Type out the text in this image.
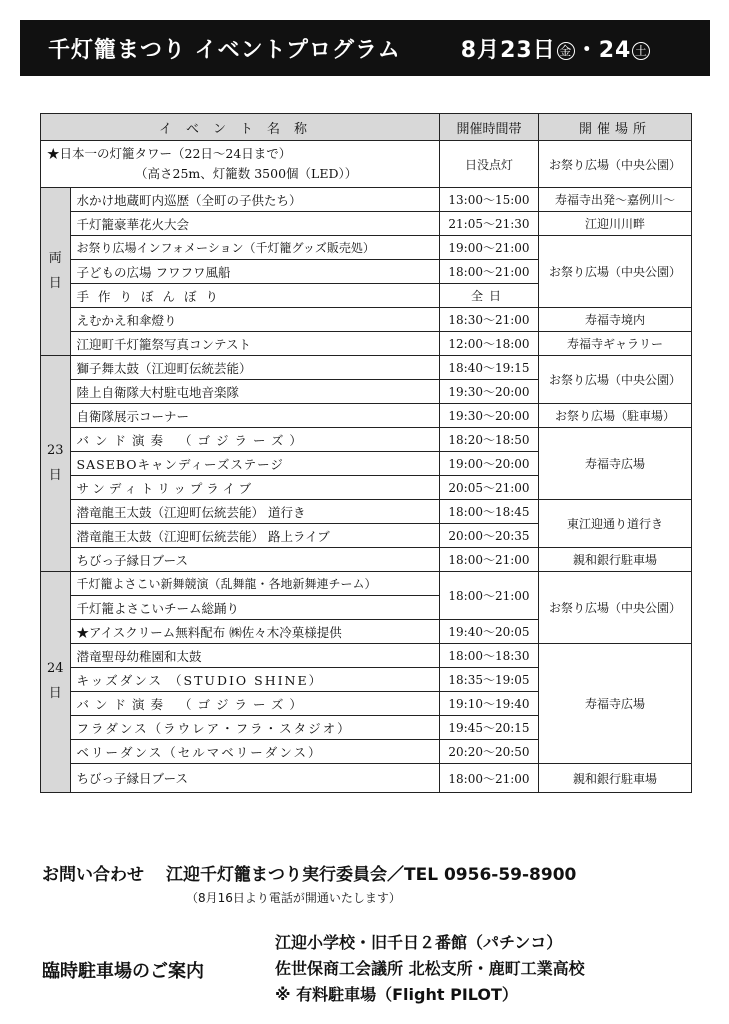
千灯籠まつり イベントプログラム	8月23日 金 ・24 土
イベント名称		開催時間帯	開催場所

★日本一の灯籠タワー（22日〜24日まで）
（高さ25m、灯籠数 3500個（LED））		日没点灯	お祭り広場（中央公園）
両日	水かけ地蔵町内巡歴（全町の子供たち）	13:00〜15:00	寿福寺出発〜嘉例川〜
	千灯籠豪華花火大会	21:05〜21:30	江迎川川畔
	お祭り広場インフォメーション（千灯籠グッズ販売処）	19:00〜21:00	お祭り広場（中央公園）
	子どもの広場 フワフワ風船	18:00〜21:00	
	手作りぼんぼり	全日	
	えむかえ和傘燈り	18:30〜21:00	寿福寺境内
	江迎町千灯籠祭写真コンテスト	12:00〜18:00	寿福寺ギャラリー
23日	獅子舞太鼓（江迎町伝統芸能）	18:40〜19:15	お祭り広場（中央公園）
	陸上自衛隊大村駐屯地音楽隊	19:30〜20:00	
	自衛隊展示コーナー	19:30〜20:00	お祭り広場（駐車場）
	バンド演奏 （ゴジラーズ）	18:20〜18:50	寿福寺広場
	SASEBOキャンディーズステージ	19:00〜20:00	
	サンディトリップライブ	20:05〜21:00	
	潜竜龍王太鼓（江迎町伝統芸能） 道行き	18:00〜18:45	東江迎通り道行き
	潜竜龍王太鼓（江迎町伝統芸能） 路上ライブ	20:00〜20:35	
	ちびっ子縁日ブース	18:00〜21:00	親和銀行駐車場
24日	千灯籠よさこい新舞競演（乱舞龍・各地新舞連チーム）	18:00〜21:00	お祭り広場（中央公園）
	千灯籠よさこいチーム総踊り		
	★アイスクリーム無料配布 ㈱佐々木冷菓様提供	19:40〜20:05	
	潜竜聖母幼稚園和太鼓	18:00〜18:30	寿福寺広場
	キッズダンス （STUDIO SHINE）	18:35〜19:05	
	バンド演奏 （ゴジラーズ）	19:10〜19:40	
	フラダンス（ラウレア・フラ・スタジオ）	19:45〜20:15	
	ベリーダンス（セルマベリーダンス）	20:20〜20:50	
	ちびっ子縁日ブース	18:00〜21:00	親和銀行駐車場
お問い合わせ 江迎千灯籠まつり実行委員会／TEL 0956-59-8900
（8月16日より電話が開通いたします）
臨時駐車場のご案内
江迎小学校・旧千日２番館（パチンコ）
佐世保商工会議所 北松支所・鹿町工業高校
※ 有料駐車場（Flight PILOT）
